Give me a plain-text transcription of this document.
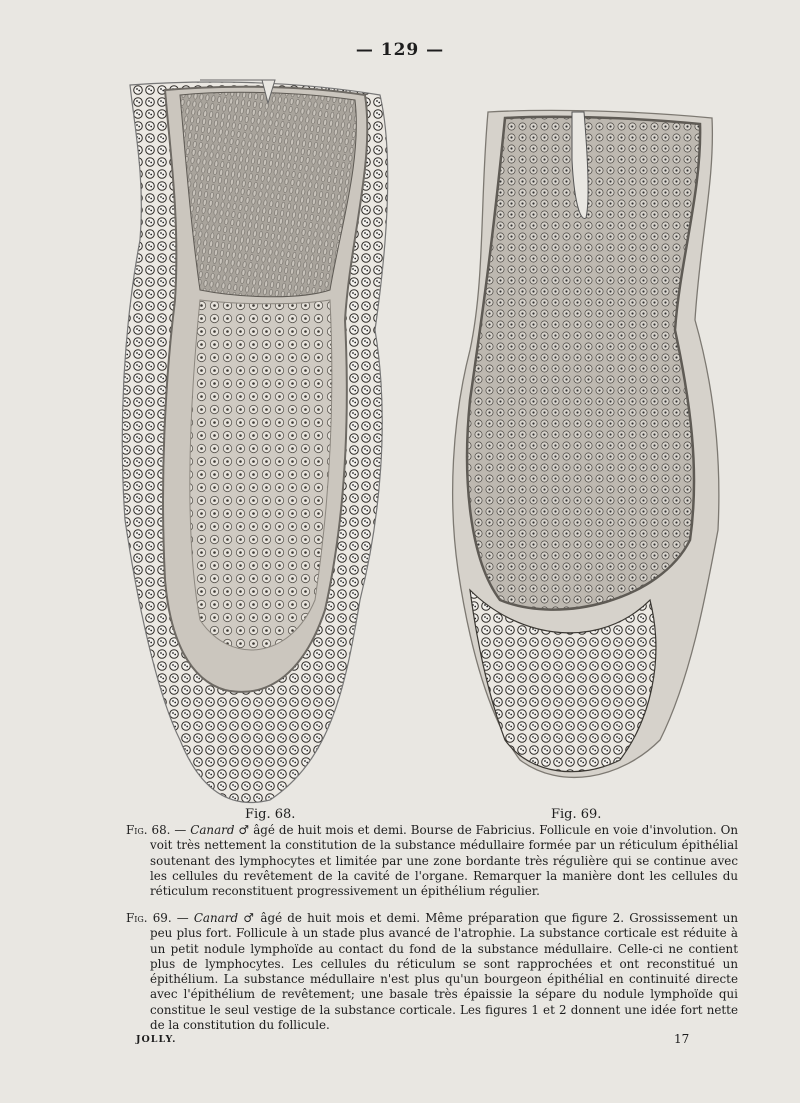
— 129 —
Fig. 68.	Fig. 69.
Fig. 68. — Canard ♂ âgé de huit mois et demi. Bourse de Fabricius. Follicule en voie d'involution. On voit très nettement la constitution de la substance médullaire formée par un réticulum épithélial soutenant des lymphocytes et limitée par une zone bordante très régulière qui se continue avec les cellules du revêtement de la cavité de l'organe. Remarquer la manière dont les cellules du réticulum reconstituent progressivement un épithélium régulier.
Fig. 69. — Canard ♂ âgé de huit mois et demi. Même préparation que figure 2. Grossissement un peu plus fort. Follicule à un stade plus avancé de l'atrophie. La substance corticale est réduite à un petit nodule lymphoïde au contact du fond de la substance médullaire. Celle-ci ne contient plus de lymphocytes. Les cellules du réticulum se sont rapprochées et ont reconstitué un épithélium. La substance médullaire n'est plus qu'un bourgeon épithélial en continuité directe avec l'épithélium de revêtement; une basale très épaissie la sépare du nodule lymphoïde qui constitue le seul vestige de la substance corticale. Les figures 1 et 2 donnent une idée fort nette de la constitution du follicule.
JOLLY.	17
